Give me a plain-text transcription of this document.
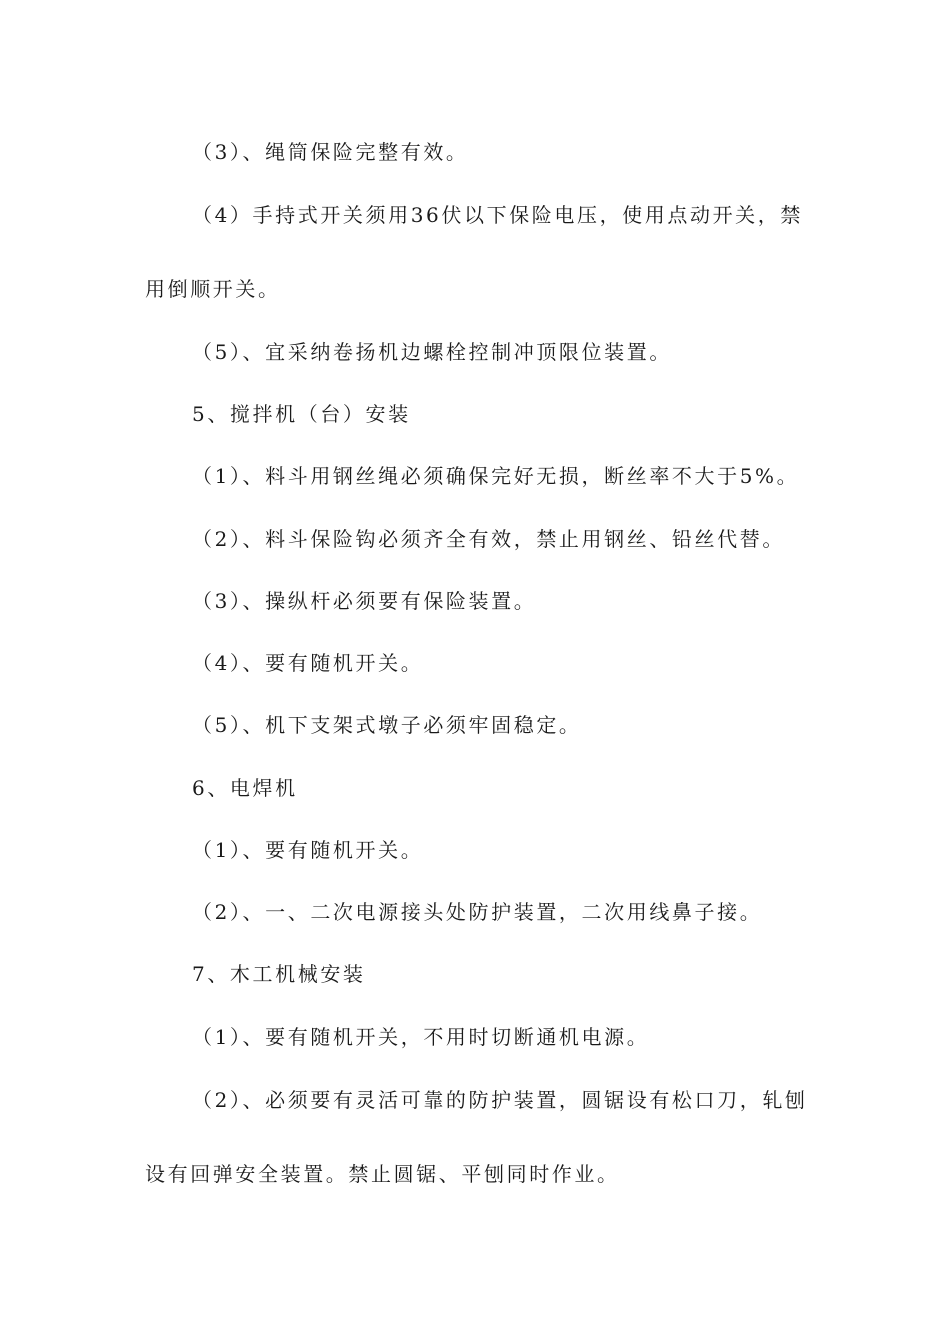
（3）、绳筒保险完整有效。
（4）手持式开关须用36伏以下保险电压，使用点动开关，禁
用倒顺开关。
（5）、宜采纳卷扬机边螺栓控制冲顶限位装置。
5、搅拌机（台）安装
（1）、料斗用钢丝绳必须确保完好无损，断丝率不大于5%。
（2）、料斗保险钩必须齐全有效，禁止用钢丝、铅丝代替。
（3）、操纵杆必须要有保险装置。
（4）、要有随机开关。
（5）、机下支架式墩子必须牢固稳定。
6、电焊机
（1）、要有随机开关。
（2）、一、二次电源接头处防护装置，二次用线鼻子接。
7、木工机械安装
（1）、要有随机开关，不用时切断通机电源。
（2）、必须要有灵活可靠的防护装置，圆锯设有松口刀，轧刨
设有回弹安全装置。禁止圆锯、平刨同时作业。
